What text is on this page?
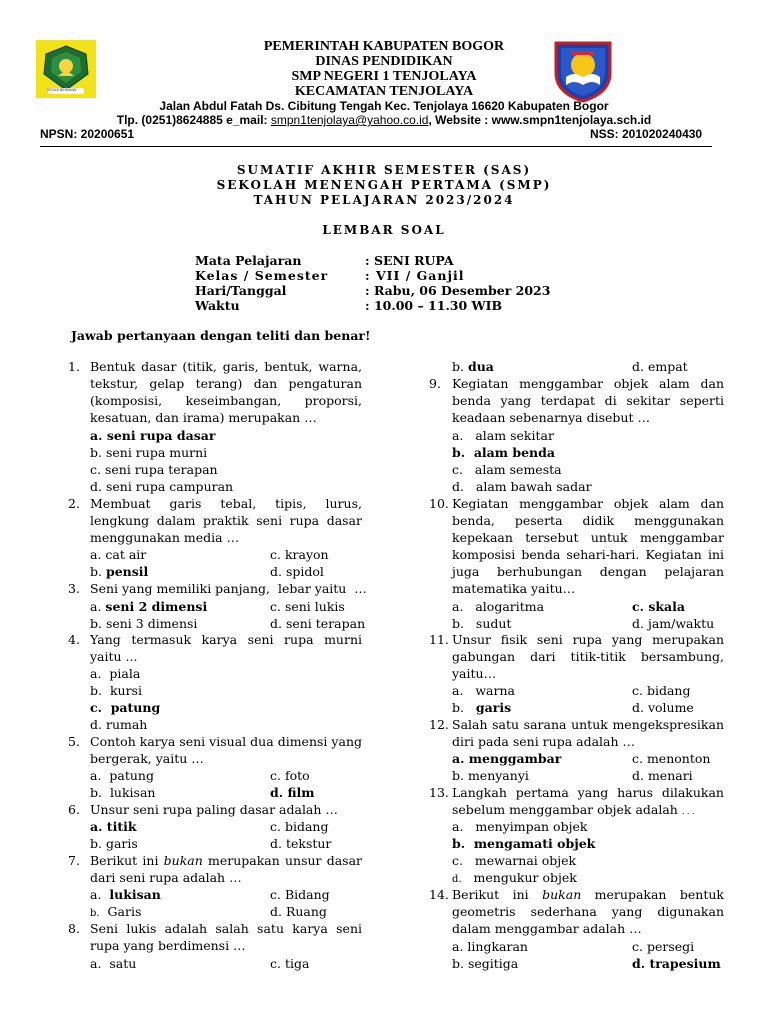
TEGAR BERIMAN
PEMERINTAH KABUPATEN BOGOR
DINAS PENDIDIKAN
SMP NEGERI 1 TENJOLAYA
KECAMATAN TENJOLAYA
Jalan Abdul Fatah Ds. Cibitung Tengah Kec. Tenjolaya 16620 Kabupaten Bogor
Tlp. (0251)8624885 e_mail: smpn1tenjolaya@yahoo.co.id, Website : www.smpn1tenjolaya.sch.id
NPSN: 20200651	NSS: 201020240430
SUMATIF AKHIR SEMESTER (SAS)
SEKOLAH MENENGAH PERTAMA (SMP)
TAHUN PELAJARAN 2023/2024
LEMBAR SOAL
Mata Pelajaran	: SENI RUPA
Kelas / Semester	: VII / Ganjil
Hari/Tanggal	: Rabu, 06 Desember 2023
Waktu	: 10.00 – 11.30 WIB
Jawab pertanyaan dengan teliti dan benar!
1. Bentuk dasar (titik, garis, bentuk, warna, tekstur, gelap terang) dan pengaturan (komposisi, keseimbangan, proporsi, kesatuan, dan irama) merupakan …
a. seni rupa dasar
b. seni rupa murni
c. seni rupa terapan
d. seni rupa campuran
2. Membuat garis tebal, tipis, lurus, lengkung dalam praktik seni rupa dasar menggunakan media …
a. cat air	c. krayon
b. pensil	d. spidol
3. Seni yang memiliki panjang,  lebar yaitu  …
a. seni 2 dimensi	c. seni lukis
b. seni 3 dimensi	d. seni terapan
4. Yang termasuk karya seni rupa murni yaitu ...
a. piala
b. kursi
c. patung
d. rumah
5. Contoh karya seni visual dua dimensi yang bergerak, yaitu …
a. patung	c. foto
b. lukisan	d. film
6. Unsur seni rupa paling dasar adalah …
a. titik	c. bidang
b. garis	d. tekstur
7. Berikut ini bukan merupakan unsur dasar dari seni rupa adalah …
a. lukisan	c. Bidang
b. Garis	d. Ruang
8. Seni lukis adalah salah satu karya seni rupa yang berdimensi …
a. satu	c. tiga
b. dua	d. empat
9. Kegiatan menggambar objek alam dan benda yang terdapat di sekitar seperti keadaan sebenarnya disebut …
a. alam sekitar
b. alam benda
c. alam semesta
d. alam bawah sadar
10. Kegiatan menggambar objek alam dan benda, peserta didik menggunakan kepekaan tersebut untuk menggambar komposisi benda sehari-hari. Kegiatan ini juga berhubungan dengan pelajaran matematika yaitu…
a. alogaritma	c. skala
b. sudut	d. jam/waktu
11. Unsur fisik seni rupa yang merupakan gabungan dari titik-titik bersambung, yaitu…
a. warna	c. bidang
b. garis	d. volume
12. Salah satu sarana untuk mengekspresikan diri pada seni rupa adalah …
a. menggambar	c. menonton
b. menyanyi	d. menari
13. Langkah pertama yang harus dilakukan sebelum menggambar objek adalah . . .
a. menyimpan objek
b. mengamati objek
c. mewarnai objek
d. mengukur objek
14. Berikut ini bukan merupakan bentuk geometris sederhana yang digunakan dalam menggambar adalah …
a. lingkaran	c. persegi
b. segitiga	d. trapesium
